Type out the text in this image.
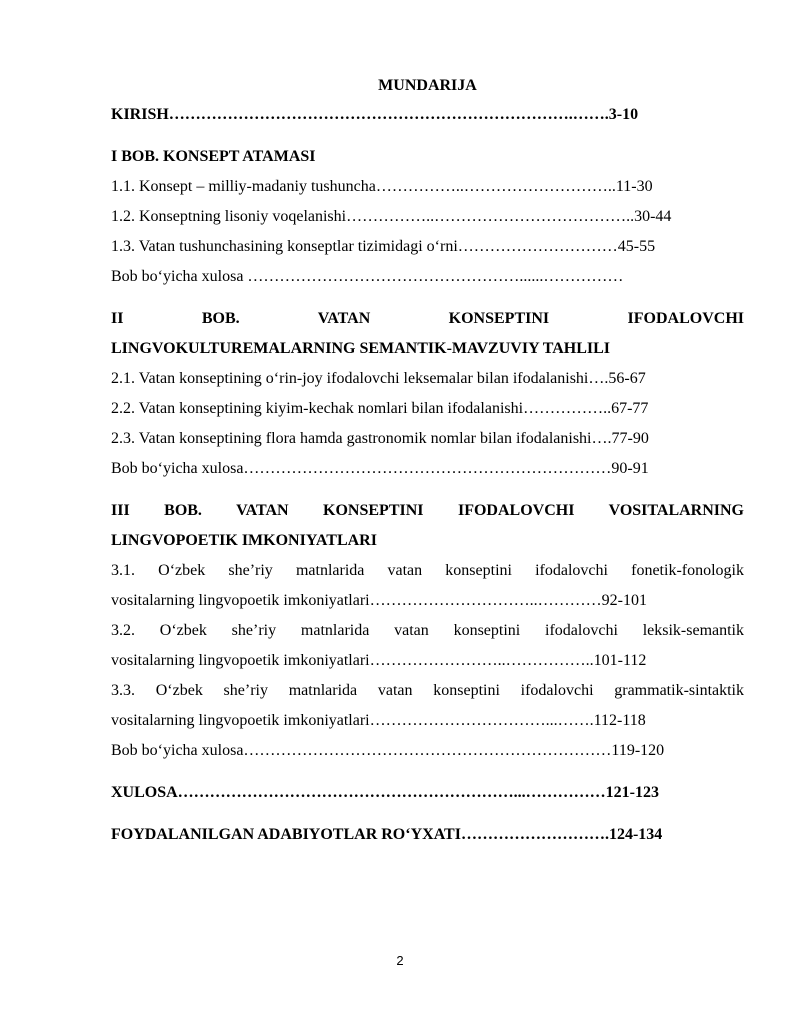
MUNDARIJA
KIRISH………………………………………………………………….…….3-10
I BOB. KONSEPT ATAMASI
1.1. Konsept – milliy-madaniy tushuncha……………..………………………..11-30
1.2. Konseptning lisoniy voqelanishi……………..………………………………..30-44
1.3. Vatan tushunchasining konseptlar tizimidagi o‘rni…………………………45-55
Bob bo‘yicha xulosa ……………………………………………......……………
II BOB. VATAN KONSEPTINI IFODALOVCHI
LINGVOKULTUREMALARNING SEMANTIK-MAVZUVIY TAHLILI
2.1. Vatan konseptining o‘rin-joy ifodalovchi leksemalar bilan ifodalanishi….56-67
2.2. Vatan konseptining kiyim-kechak nomlari bilan ifodalanishi……………..67-77
2.3. Vatan konseptining flora hamda gastronomik nomlar bilan ifodalanishi….77-90
Bob bo‘yicha xulosa……………………………………………………………90-91
III BOB. VATAN KONSEPTINI IFODALOVCHI VOSITALARNING
LINGVOPOETIK IMKONIYATLARI
3.1. O‘zbek she’riy matnlarida vatan konseptini ifodalovchi fonetik-fonologik
vositalarning lingvopoetik imkoniyatlari…………………………..…………92-101
3.2. O‘zbek she’riy matnlarida vatan konseptini ifodalovchi leksik-semantik
vositalarning lingvopoetik imkoniyatlari……………………..……………..101-112
3.3. O‘zbek she’riy matnlarida vatan konseptini ifodalovchi grammatik-sintaktik
vositalarning lingvopoetik imkoniyatlari……………………………...…….112-118
Bob bo‘yicha xulosa……………………………………………………………119-120
XULOSA………………………………………………………...……………121-123
FOYDALANILGAN ADABIYOTLAR RO‘YXATI……………………….124-134
2
